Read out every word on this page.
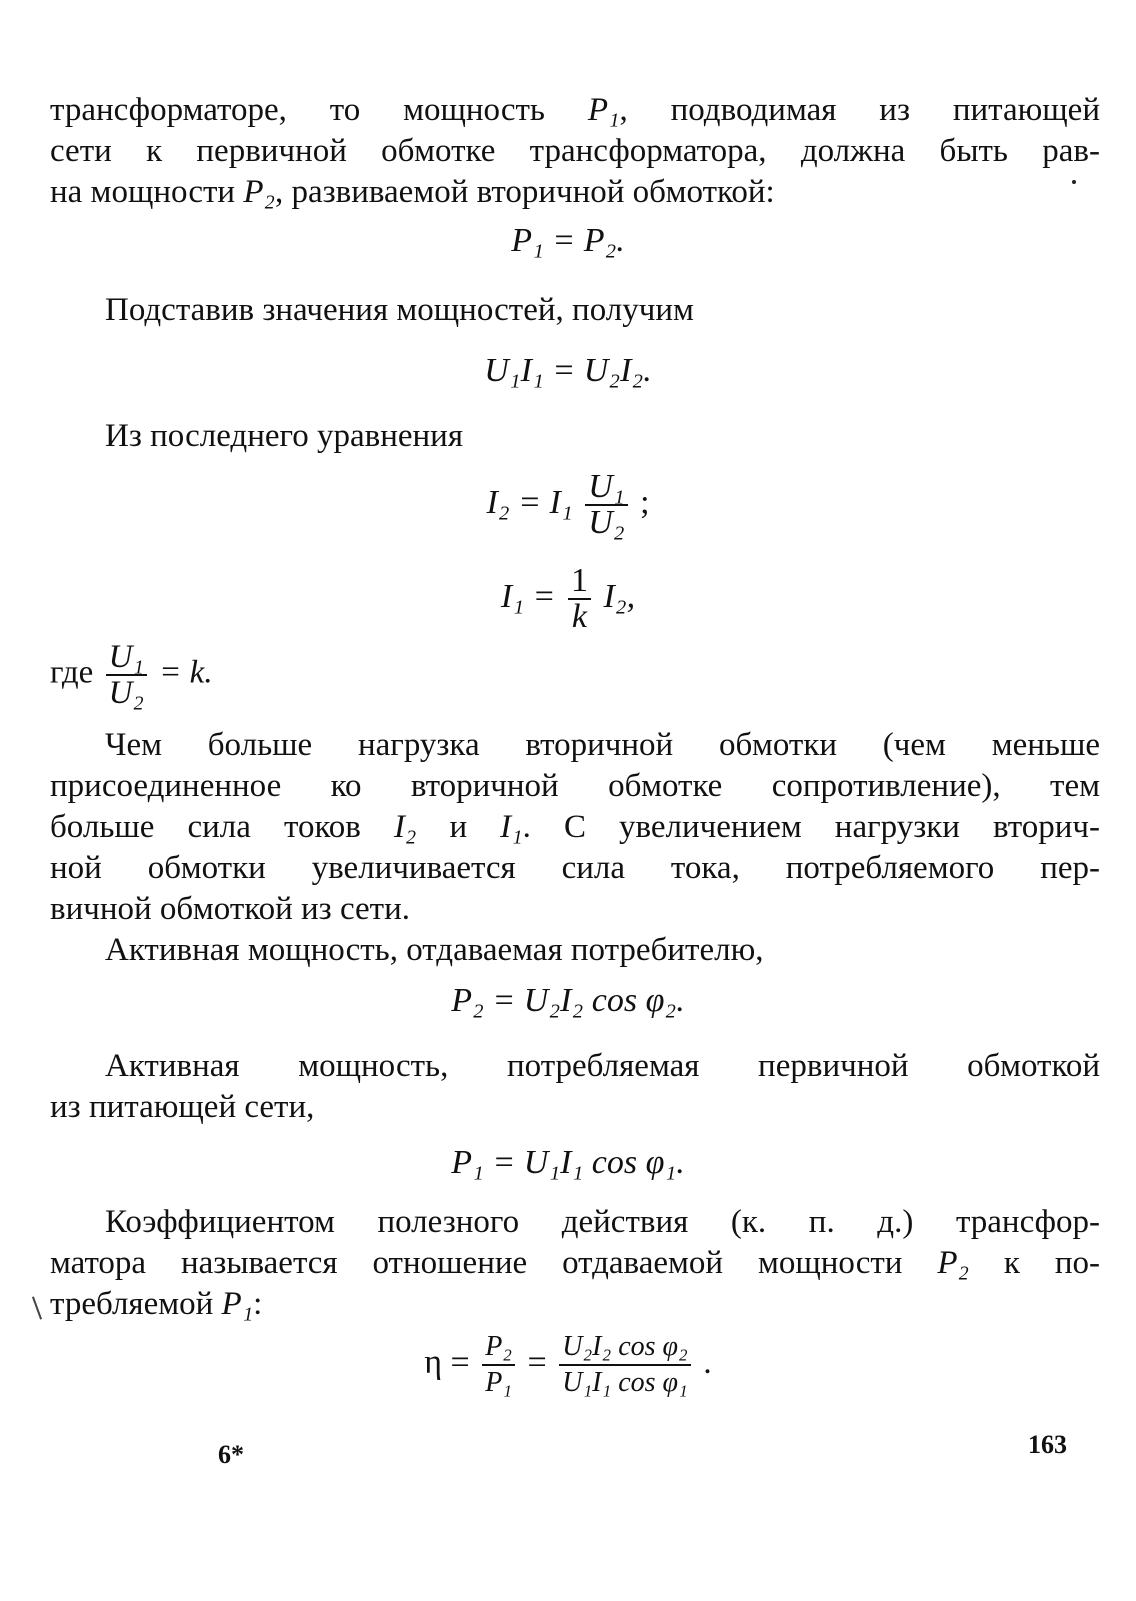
трансформаторе, то мощность P₁, подводимая из питающей
сети к первичной обмотке трансформатора, должна быть рав-
на мощности P₂, развиваемой вторичной обмоткой:
P₁ = P₂.
Подставив значения мощностей, получим
U₁I₁ = U₂I₂.
Из последнего уравнения
$I_2 = I_1 \frac{\text{U₁}}{\text{U₂}}$ ;
$I_1 = \frac{1}{k} I_2$,
где $\frac{\text{U₁}}{\text{U₂}} = k$.
Чем больше нагрузка вторичной обмотки (чем меньше
присоединенное ко вторичной обмотке сопротивление), тем
больше сила токов I₂ и I₁. С увеличением нагрузки вторич-
ной обмотки увеличивается сила тока, потребляемого пер-
вичной обмоткой из сети.
Активная мощность, отдаваемая потребителю,
P₂ = U₂I₂ cos φ₂.
Активная мощность, потребляемая первичной обмоткой
из питающей сети,
P₁ = U₁I₁ cos φ₁.
Коэффициентом полезного действия (к. п. д.) трансфор-
матора называется отношение отдаваемой мощности P₂ к по-
требляемой P₁:
$\eta = \frac{\text{P₂}}{\text{P₁}} = \frac{\text{U₂I₂ cos φ₂}}{\text{U₁I₁ cos φ₁}}$ .
6*	163
